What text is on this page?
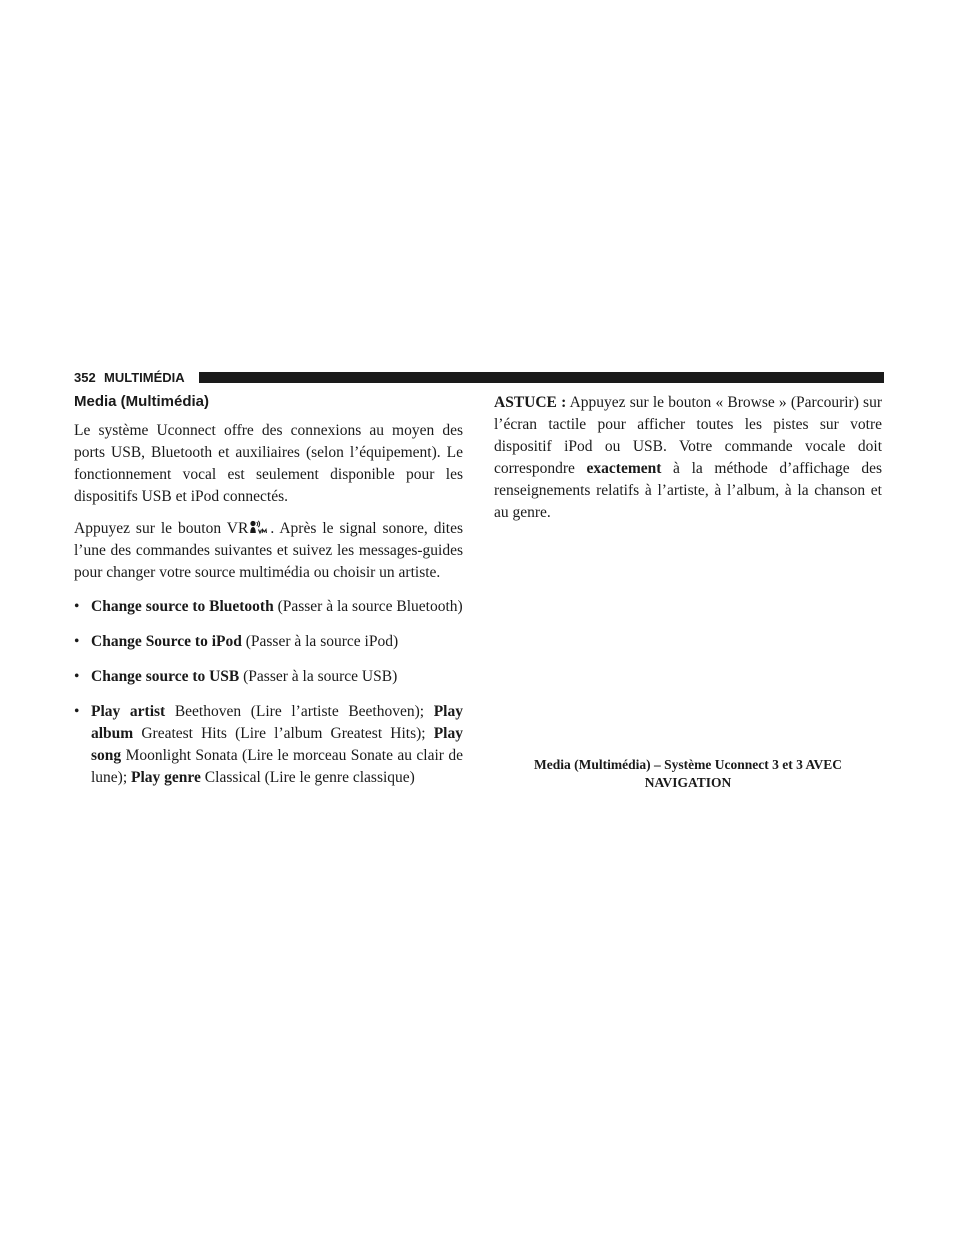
352 MULTIMÉDIA
Media (Multimédia)

Le système Uconnect offre des connexions au moyen des ports USB, Bluetooth et auxiliaires (selon l’équipement). Le fonctionnement vocal est seulement disponible pour les dispositifs USB et iPod connectés.

Appuyez sur le bouton VR . Après le signal sonore, dites l’une des commandes suivantes et suivez les messages-guides pour changer votre source multimédia ou choisir un artiste.

• Change source to Bluetooth (Passer à la source Bluetooth)
• Change Source to iPod (Passer à la source iPod)
• Change source to USB (Passer à la source USB)
• Play artist Beethoven (Lire l’artiste Beethoven); Play album Greatest Hits (Lire l’album Greatest Hits); Play song Moonlight Sonata (Lire le morceau Sonate au clair de lune); Play genre Classical (Lire le genre classique)

ASTUCE : Appuyez sur le bouton « Browse » (Parcourir) sur l’écran tactile pour afficher toutes les pistes sur votre dispositif iPod ou USB. Votre commande vocale doit correspondre exactement à la méthode d’affichage des renseignements relatifs à l’artiste, à l’album, à la chanson et au genre.

Media (Multimédia) – Système Uconnect 3 et 3 AVEC
NAVIGATION
